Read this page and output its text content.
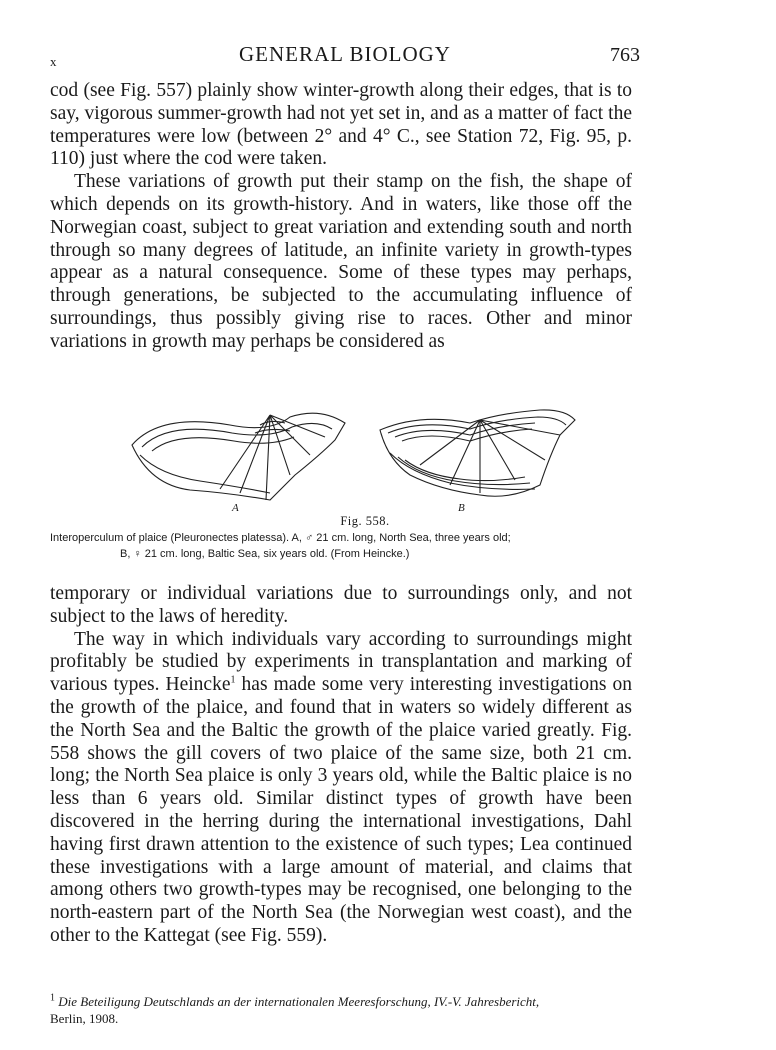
x	GENERAL BIOLOGY	763

cod (see Fig. 557) plainly show winter-growth along their edges, that is to say, vigorous summer-growth had not yet set in, and as a matter of fact the temperatures were low (between 2° and 4° C., see Station 72, Fig. 95, p. 110) just where the cod were taken.

These variations of growth put their stamp on the fish, the shape of which depends on its growth-history. And in waters, like those off the Norwegian coast, subject to great variation and extending south and north through so many degrees of latitude, an infinite variety in growth-types appear as a natural consequence. Some of these types may perhaps, through generations, be subjected to the accumulating influence of surroundings, thus possibly giving rise to races. Other and minor variations in growth may perhaps be considered as

A	B
Fig. 558.
Interoperculum of plaice (Pleuronectes platessa). A, ♂ 21 cm. long, North Sea, three years old;
B, ♀ 21 cm. long, Baltic Sea, six years old. (From Heincke.)

temporary or individual variations due to surroundings only, and not subject to the laws of heredity.

The way in which individuals vary according to surroundings might profitably be studied by experiments in transplantation and marking of various types. Heincke$^1$ has made some very interesting investigations on the growth of the plaice, and found that in waters so widely different as the North Sea and the Baltic the growth of the plaice varied greatly. Fig. 558 shows the gill covers of two plaice of the same size, both 21 cm. long; the North Sea plaice is only 3 years old, while the Baltic plaice is no less than 6 years old. Similar distinct types of growth have been discovered in the herring during the international investigations, Dahl having first drawn attention to the existence of such types; Lea continued these investigations with a large amount of material, and claims that among others two growth-types may be recognised, one belonging to the north-eastern part of the North Sea (the Norwegian west coast), and the other to the Kattegat (see Fig. 559).

$^1$ Die Beteiligung Deutschlands an der internationalen Meeresforschung, IV.-V. Jahresbericht,
Berlin, 1908.
